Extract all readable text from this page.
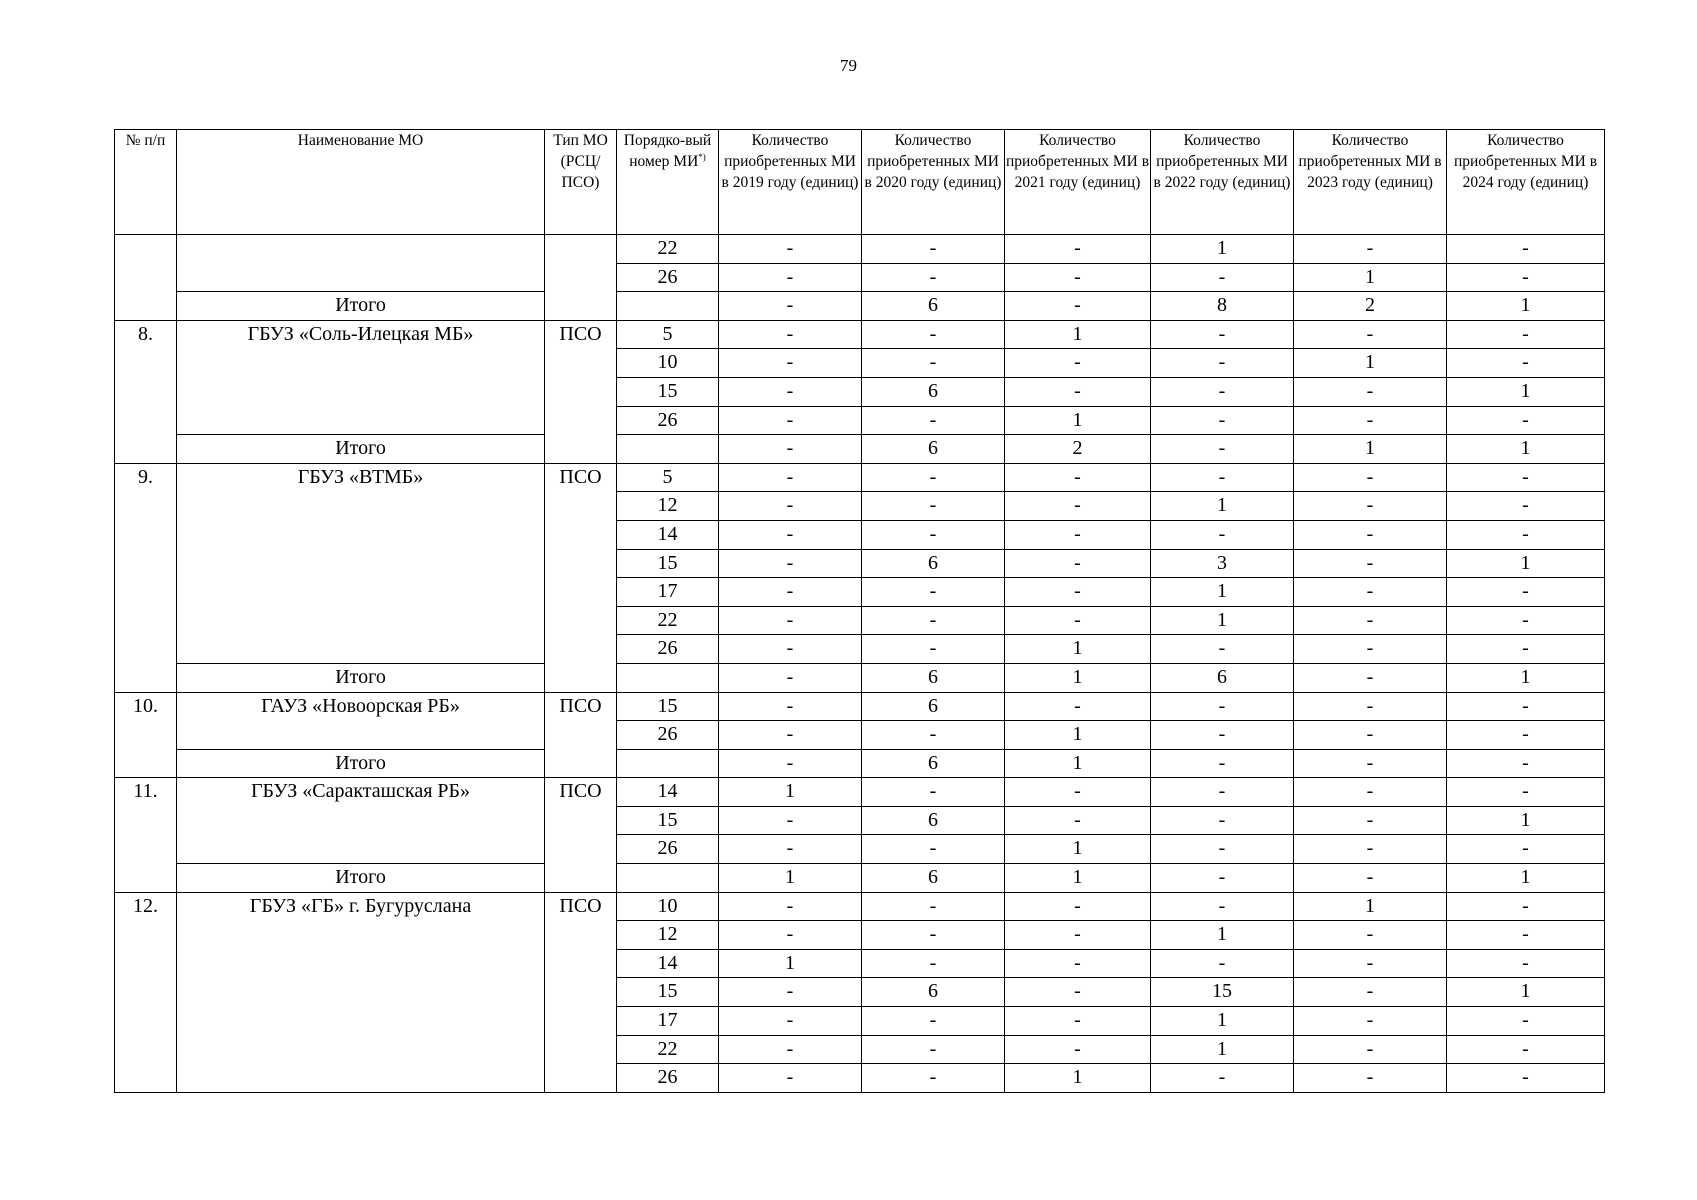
79
№ п/п	Наименование МО	Тип МО (РСЦ/ ПСО)	Порядко-вый номер МИ*)	Количество приобретенных МИ в 2019 году (единиц)	Количество приобретенных МИ в 2020 году (единиц)	Количество приобретенных МИ в 2021 году (единиц)	Количество приобретенных МИ в 2022 году (единиц)	Количество приобретенных МИ в 2023 году (единиц)	Количество приобретенных МИ в 2024 году (единиц)
			22	-	-	-	1	-	-
			26	-	-	-	-	1	-
	Итого			-	6	-	8	2	1
8.	ГБУЗ «Соль-Илецкая МБ»	ПСО	5	-	-	1	-	-	-
			10	-	-	-	-	1	-
			15	-	6	-	-	-	1
			26	-	-	1	-	-	-
	Итого			-	6	2	-	1	1
9.	ГБУЗ «ВТМБ»	ПСО	5	-	-	-	-	-	-
			12	-	-	-	1	-	-
			14	-	-	-	-	-	-
			15	-	6	-	3	-	1
			17	-	-	-	1	-	-
			22	-	-	-	1	-	-
			26	-	-	1	-	-	-
	Итого			-	6	1	6	-	1
10.	ГАУЗ «Новоорская РБ»	ПСО	15	-	6	-	-	-	-
			26	-	-	1	-	-	-
	Итого			-	6	1	-	-	-
11.	ГБУЗ «Саракташская РБ»	ПСО	14	1	-	-	-	-	-
			15	-	6	-	-	-	1
			26	-	-	1	-	-	-
	Итого			1	6	1	-	-	1
12.	ГБУЗ «ГБ» г. Бугуруслана	ПСО	10	-	-	-	-	1	-
			12	-	-	-	1	-	-
			14	1	-	-	-	-	-
			15	-	6	-	15	-	1
			17	-	-	-	1	-	-
			22	-	-	-	1	-	-
			26	-	-	1	-	-	-
